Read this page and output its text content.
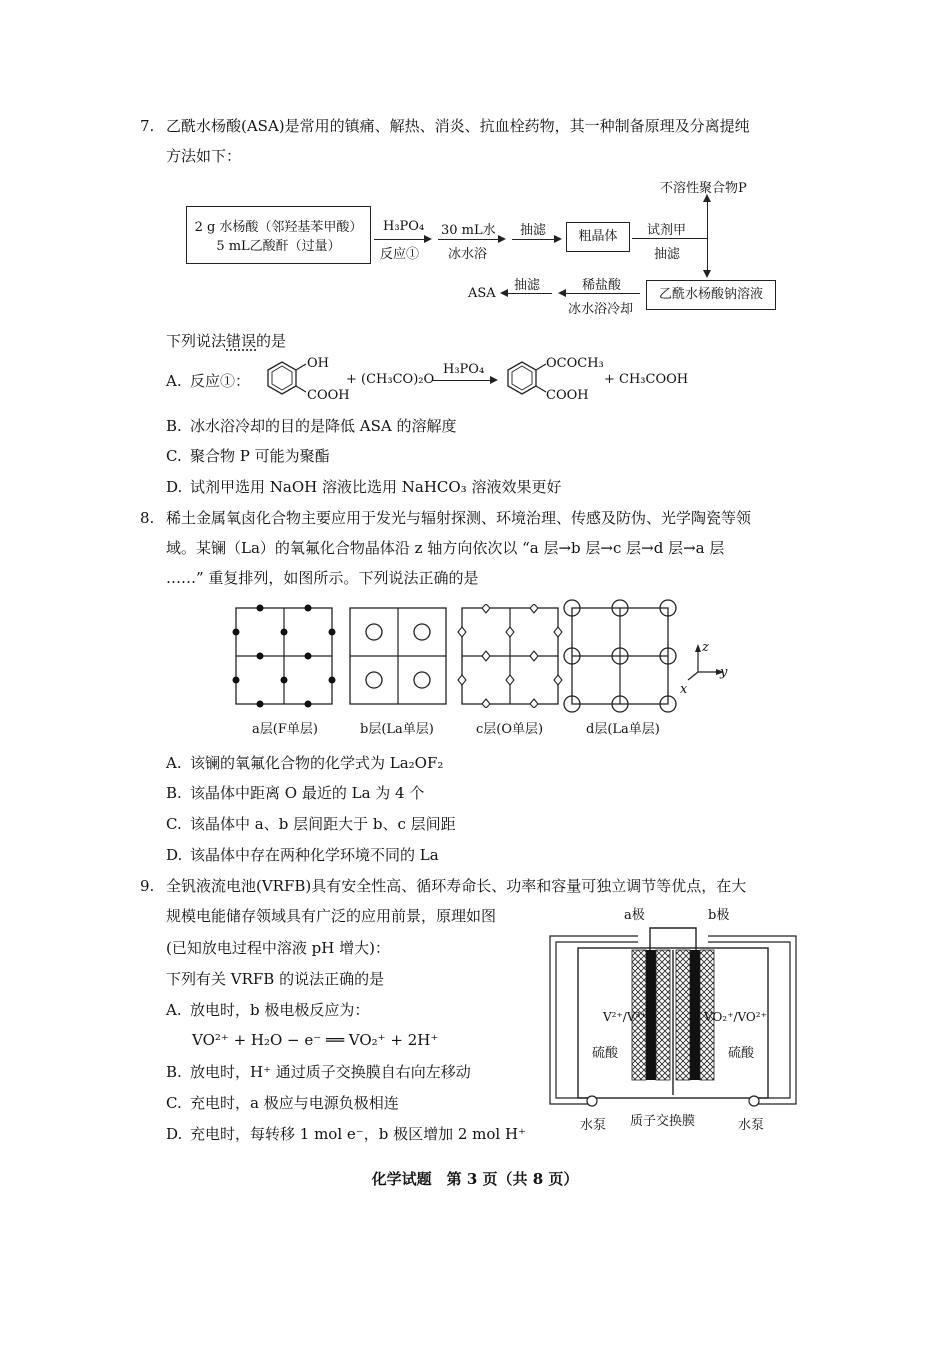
7. 乙酰水杨酸(ASA)是常用的镇痛、解热、消炎、抗血栓药物，其一种制备原理及分离提纯
方法如下：
2 g 水杨酸（邻羟基苯甲酸）
5 mL乙酸酐（过量）
H₃PO₄
反应①
30 mL水
冰水浴
抽滤	粗晶体	试剂甲
抽滤
不溶性聚合物P
乙酰水杨酸钠溶液
稀盐酸
冰水浴冷却
抽滤
ASA
下列说法错误的是
A. 反应①：
OH
COOH
+ (CH₃CO)₂O
H₃PO₄	OCOCH₃
COOH
+ CH₃COOH
B. 冰水浴冷却的目的是降低 ASA 的溶解度
C. 聚合物 P 可能为聚酯
D. 试剂甲选用 NaOH 溶液比选用 NaHCO₃ 溶液效果更好
8. 稀土金属氧卤化合物主要应用于发光与辐射探测、环境治理、传感及防伪、光学陶瓷等领
域。某镧（La）的氧氟化合物晶体沿 z 轴方向依次以 “a 层→b 层→c 层→d 层→a 层
……” 重复排列，如图所示。下列说法正确的是
a层(F单层)	b层(La单层)	c层(O单层)	d层(La单层)
z
y
x
A. 该镧的氧氟化合物的化学式为 La₂OF₂
B. 该晶体中距离 O 最近的 La 为 4 个
C. 该晶体中 a、b 层间距大于 b、c 层间距
D. 该晶体中存在两种化学环境不同的 La
9. 全钒液流电池(VRFB)具有安全性高、循环寿命长、功率和容量可独立调节等优点，在大
规模电能储存领域具有广泛的应用前景，原理如图
(已知放电过程中溶液 pH 增大)：
下列有关 VRFB 的说法正确的是
A. 放电时，b 极电极反应为：
VO²⁺ + H₂O − e⁻ ══ VO₂⁺ + 2H⁺
B. 放电时，H⁺ 通过质子交换膜自右向左移动
C. 充电时，a 极应与电源负极相连
D. 充电时，每转移 1 mol e⁻，b 极区增加 2 mol H⁺
a极	b极
V²⁺/V³⁺	VO₂⁺/VO²⁺
硫酸	硫酸
水泵 质子交换膜	水泵
化学试题　第 3 页（共 8 页）
